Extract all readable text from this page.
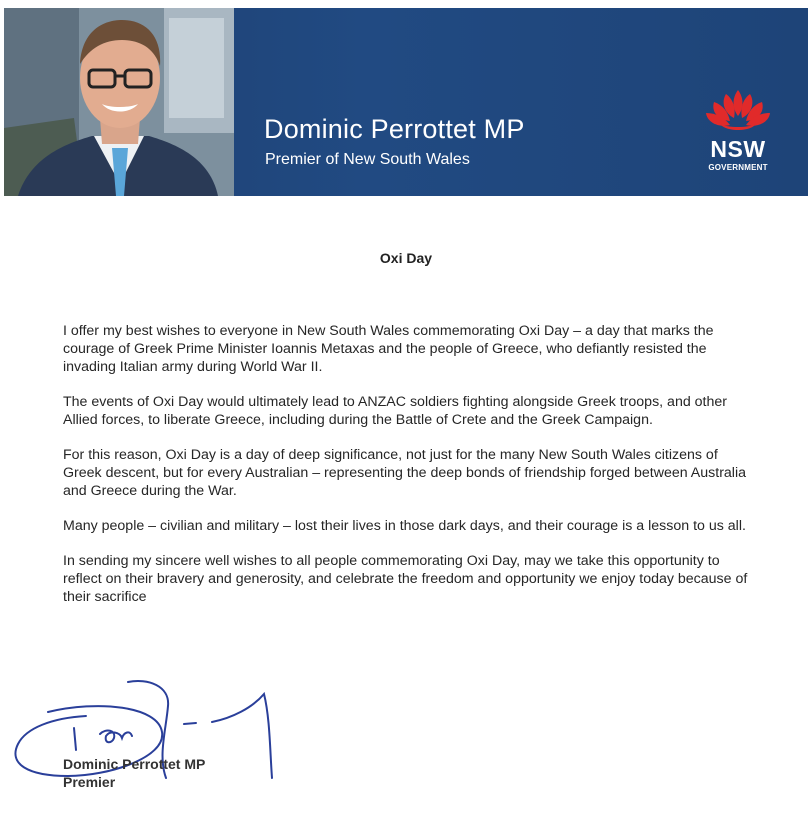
Dominic Perrottet MP
Premier of New South Wales	NSW
GOVERNMENT
Oxi Day

I offer my best wishes to everyone in New South Wales commemorating Oxi Day – a day that marks the courage of Greek Prime Minister Ioannis Metaxas and the people of Greece, who defiantly resisted the invading Italian army during World War II.

The events of Oxi Day would ultimately lead to ANZAC soldiers fighting alongside Greek troops, and other Allied forces, to liberate Greece, including during the Battle of Crete and the Greek Campaign.

For this reason, Oxi Day is a day of deep significance, not just for the many New South Wales citizens of Greek descent, but for every Australian – representing the deep bonds of friendship forged between Australia and Greece during the War.

Many people – civilian and military – lost their lives in those dark days, and their courage is a lesson to us all.

In sending my sincere well wishes to all people commemorating Oxi Day, may we take this opportunity to reflect on their bravery and generosity, and celebrate the freedom and opportunity we enjoy today because of their sacrifice

Dominic Perrottet MP
Premier
